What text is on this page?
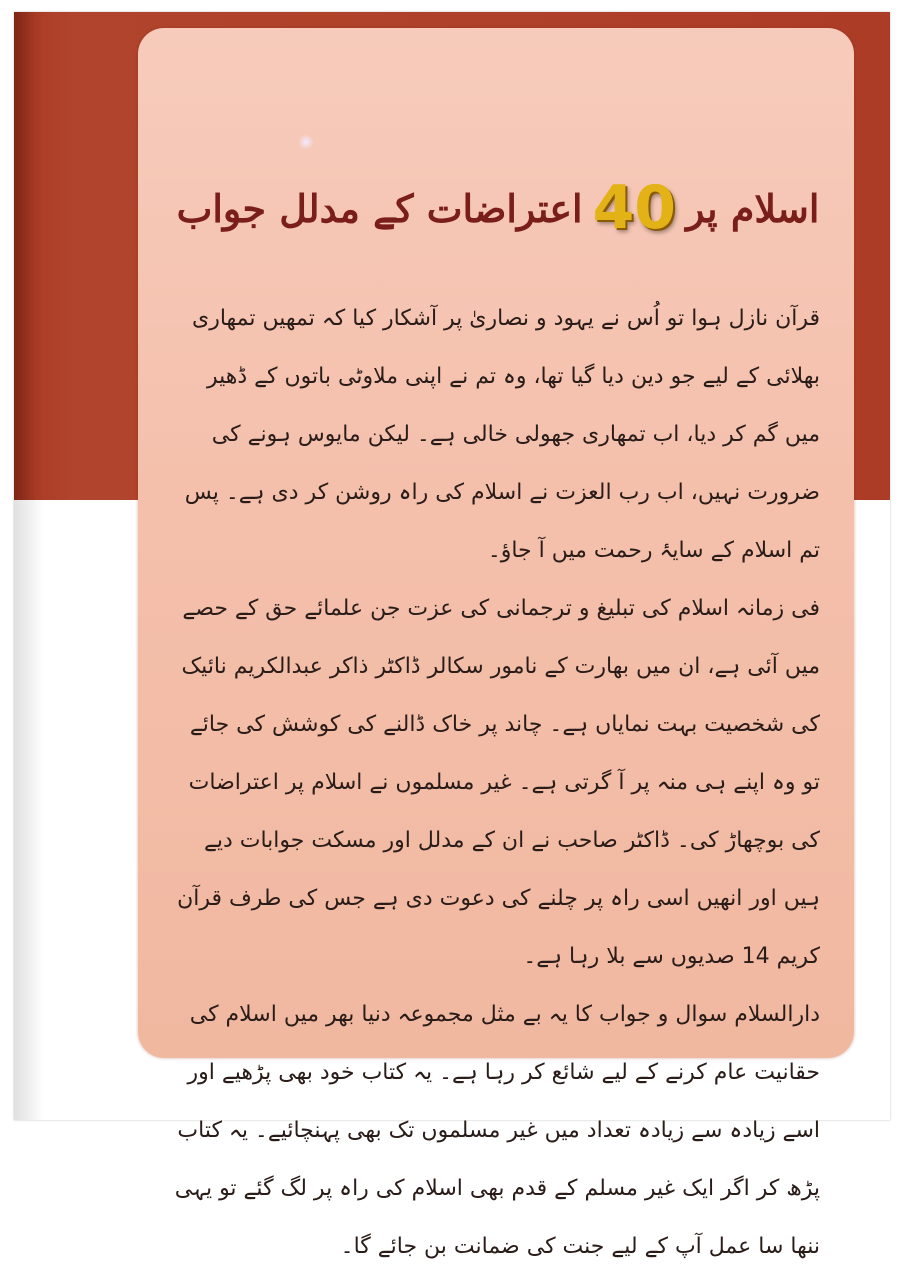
اسلام پر
40
اعتراضات کے مدلل جواب

قرآن نازل ہوا تو اُس نے یہود و نصاریٰ پر آشکار کیا کہ تمھیں تمھاری بھلائی کے لیے جو دین دیا گیا تھا، وہ تم نے اپنی ملاوٹی باتوں کے ڈھیر میں گم کر دیا، اب تمھاری جھولی خالی ہے۔ لیکن مایوس ہونے کی ضرورت نہیں، اب رب العزت نے اسلام کی راہ روشن کر دی ہے۔ پس تم اسلام کے سایۂ رحمت میں آ جاؤ۔

فی زمانہ اسلام کی تبلیغ و ترجمانی کی عزت جن علمائے حق کے حصے میں آئی ہے، ان میں بھارت کے نامور سکالر ڈاکٹر ذاکر عبدالکریم نائیک کی شخصیت بہت نمایاں ہے۔ چاند پر خاک ڈالنے کی کوشش کی جائے تو وہ اپنے ہی منہ پر آ گرتی ہے۔ غیر مسلموں نے اسلام پر اعتراضات کی بوچھاڑ کی۔ ڈاکٹر صاحب نے ان کے مدلل اور مسکت جوابات دیے ہیں اور انھیں اسی راہ پر چلنے کی دعوت دی ہے جس کی طرف قرآن کریم 14 صدیوں سے بلا رہا ہے۔

دارالسلام سوال و جواب کا یہ بے مثل مجموعہ دنیا بھر میں اسلام کی حقانیت عام کرنے کے لیے شائع کر رہا ہے۔ یہ کتاب خود بھی پڑھیے اور اسے زیادہ سے زیادہ تعداد میں غیر مسلموں تک بھی پہنچائیے۔ یہ کتاب پڑھ کر اگر ایک غیر مسلم کے قدم بھی اسلام کی راہ پر لگ گئے تو یہی ننھا سا عمل آپ کے لیے جنت کی ضمانت بن جائے گا۔
